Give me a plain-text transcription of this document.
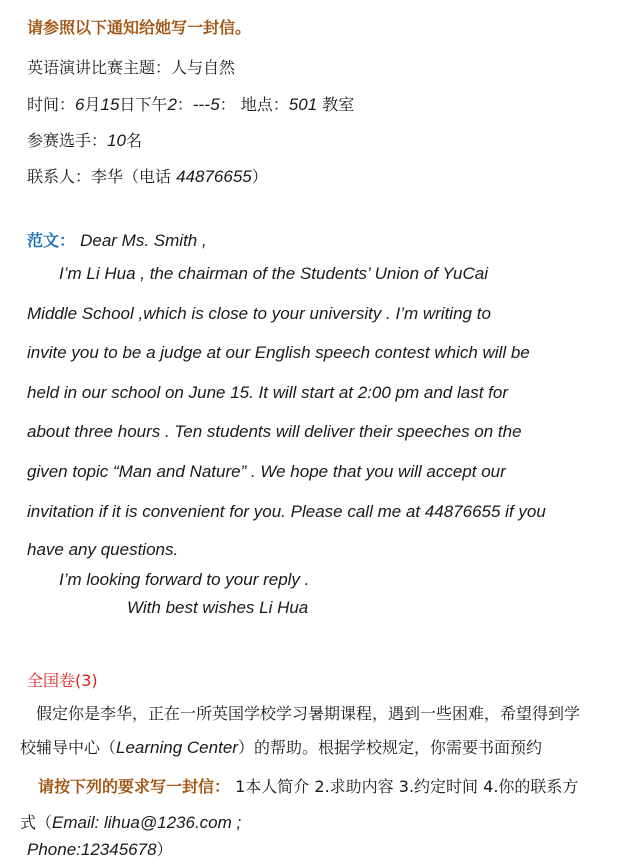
请参照以下通知给她写一封信。
英语演讲比赛主题：人与自然
时间：6月15日下午2：---5： 地点：501 教室
参赛选手：10名
联系人：李华（电话 44876655）
范文： Dear Ms. Smith ,
I’m Li Hua , the chairman of the Students’ Union of YuCai
Middle School ,which is close to your university . I’m writing to
invite you to be a judge at our English speech contest which will be
held in our school on June 15. It will start at 2:00 pm and last for
about three hours . Ten students will deliver their speeches on the
given topic “Man and Nature” . We hope that you will accept our
invitation if it is convenient for you. Please call me at 44876655 if you
have any questions.
I’m looking forward to your reply .
With best wishes Li Hua
全国卷(3)
假定你是李华，正在一所英国学校学习暑期课程，遇到一些困难，希望得到学
校辅导中心（Learning Center）的帮助。根据学校规定，你需要书面预约
请按下列的要求写一封信： 1本人简介 2.求助内容 3.约定时间 4.你的联系方
式（Email: lihua@1236.com ;
Phone:12345678）
